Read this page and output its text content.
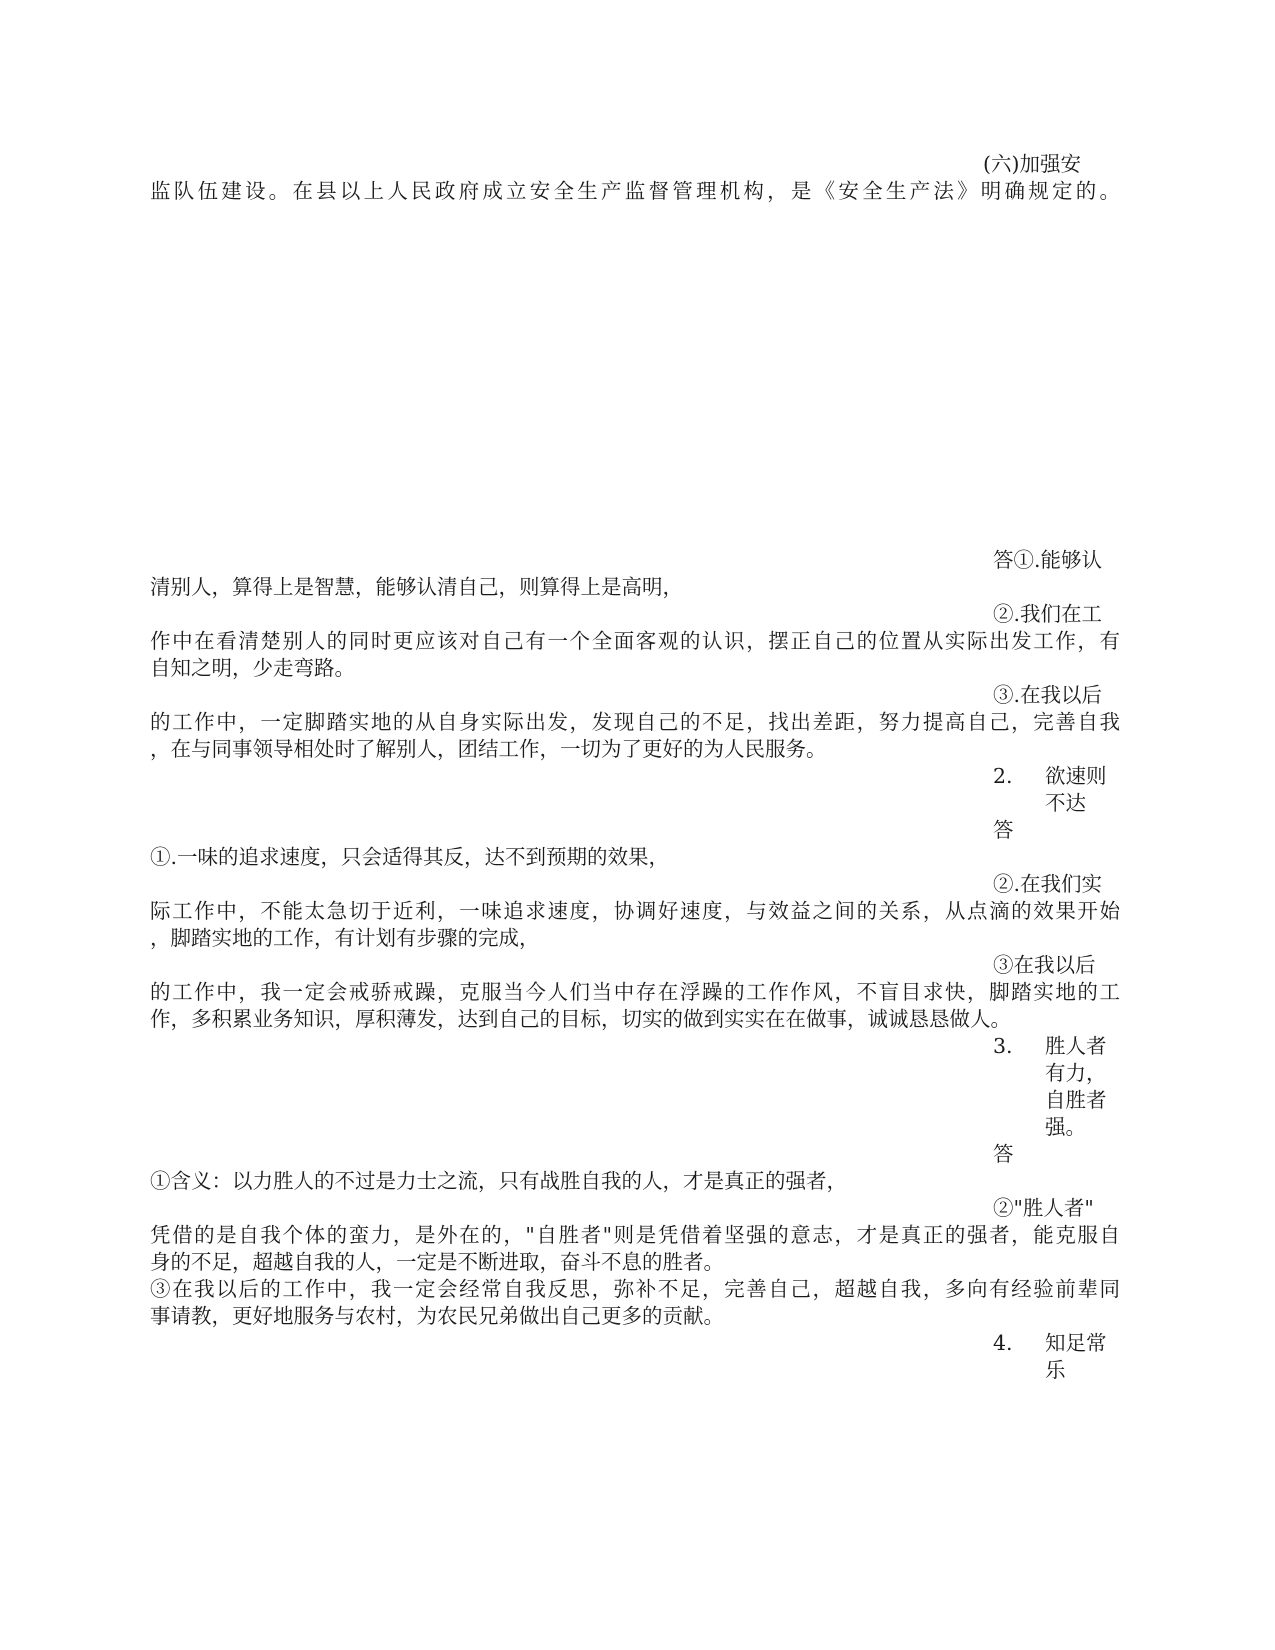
(六)加强安
监队伍建设。在县以上人民政府成立安全生产监督管理机构，是《安全生产法》明确规定的。
答①.能够认
清别人，算得上是智慧，能够认清自己，则算得上是高明，
②.我们在工
作中在看清楚别人的同时更应该对自己有一个全面客观的认识，摆正自己的位置从实际出发工作，有
自知之明，少走弯路。
③.在我以后
的工作中，一定脚踏实地的从自身实际出发，发现自己的不足，找出差距，努力提高自己，完善自我
，在与同事领导相处时了解别人，团结工作，一切为了更好的为人民服务。
2. 欲速则
不达
答
①.一味的追求速度，只会适得其反，达不到预期的效果，
②.在我们实
际工作中，不能太急切于近利，一味追求速度，协调好速度，与效益之间的关系，从点滴的效果开始
，脚踏实地的工作，有计划有步骤的完成，
③在我以后
的工作中，我一定会戒骄戒躁，克服当今人们当中存在浮躁的工作作风，不盲目求快，脚踏实地的工
作，多积累业务知识，厚积薄发，达到自己的目标，切实的做到实实在在做事，诚诚恳恳做人。
3. 胜人者
有力，
自胜者
强。
答
①含义：以力胜人的不过是力士之流，只有战胜自我的人，才是真正的强者，
②"胜人者"
凭借的是自我个体的蛮力，是外在的，"自胜者"则是凭借着坚强的意志，才是真正的强者，能克服自
身的不足，超越自我的人，一定是不断进取，奋斗不息的胜者。
③在我以后的工作中，我一定会经常自我反思，弥补不足，完善自己，超越自我，多向有经验前辈同
事请教，更好地服务与农村，为农民兄弟做出自己更多的贡献。
4. 知足常
乐
